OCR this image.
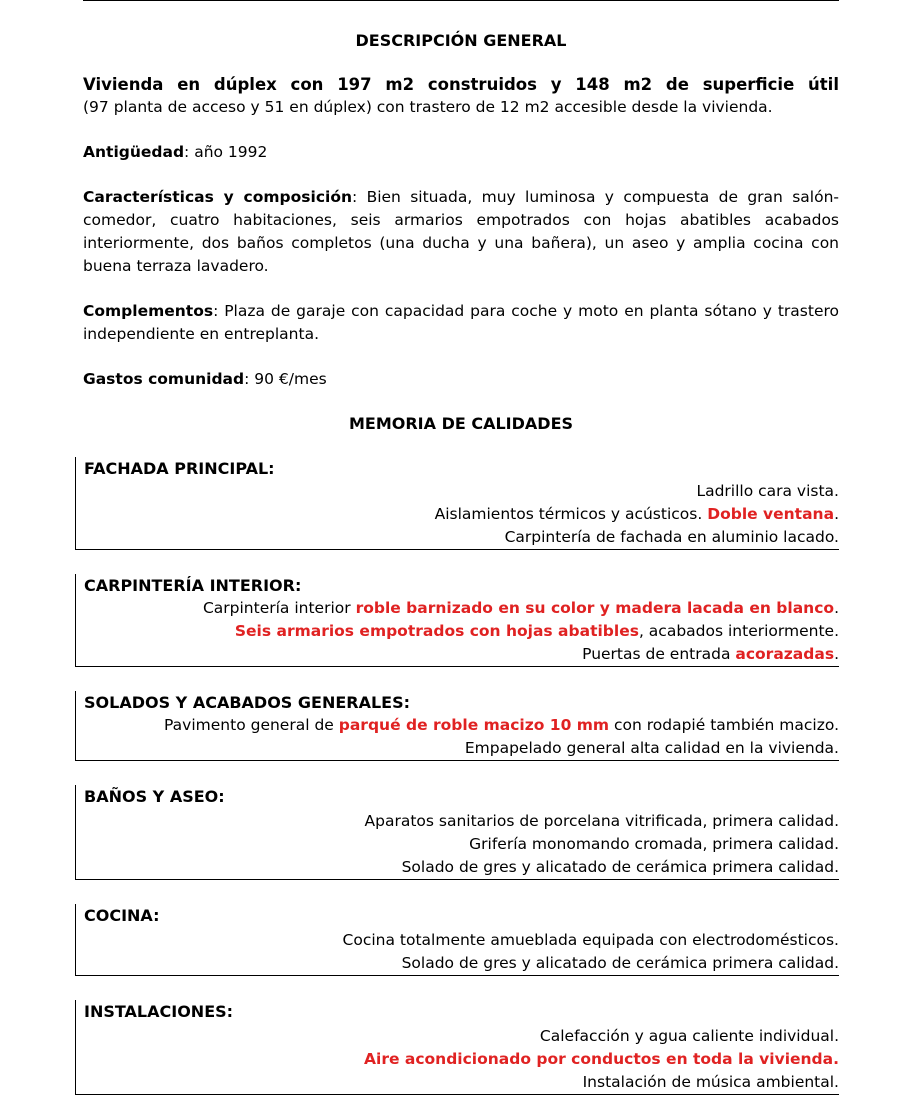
DESCRIPCIÓN GENERAL

Vivienda en dúplex con 197 m2 construidos y 148 m2 de superficie útil
(97 planta de acceso y 51 en dúplex) con trastero de 12 m2 accesible desde la vivienda.

Antigüedad: año 1992

Características y composición: Bien situada, muy luminosa y compuesta de gran salón-comedor, cuatro habitaciones, seis armarios empotrados con hojas abatibles acabados interiormente, dos baños completos (una ducha y una bañera), un aseo y amplia cocina con buena terraza lavadero.

Complementos: Plaza de garaje con capacidad para coche y moto en planta sótano y trastero independiente en entreplanta.

Gastos comunidad: 90 €/mes

MEMORIA DE CALIDADES

FACHADA PRINCIPAL:

Ladrillo cara vista.

Aislamientos térmicos y acústicos. Doble ventana.

Carpintería de fachada en aluminio lacado.

CARPINTERÍA INTERIOR:

Carpintería interior roble barnizado en su color y madera lacada en blanco.

Seis armarios empotrados con hojas abatibles, acabados interiormente.

Puertas de entrada acorazadas.

SOLADOS Y ACABADOS GENERALES:

Pavimento general de parqué de roble macizo 10 mm con rodapié también macizo.

Empapelado general alta calidad en la vivienda.

BAÑOS Y ASEO:

Aparatos sanitarios de porcelana vitrificada, primera calidad.

Grifería monomando cromada, primera calidad.

Solado de gres y alicatado de cerámica primera calidad.

COCINA:

Cocina totalmente amueblada equipada con electrodomésticos.

Solado de gres y alicatado de cerámica primera calidad.

INSTALACIONES:

Calefacción y agua caliente individual.

Aire acondicionado por conductos en toda la vivienda.

Instalación de música ambiental.
